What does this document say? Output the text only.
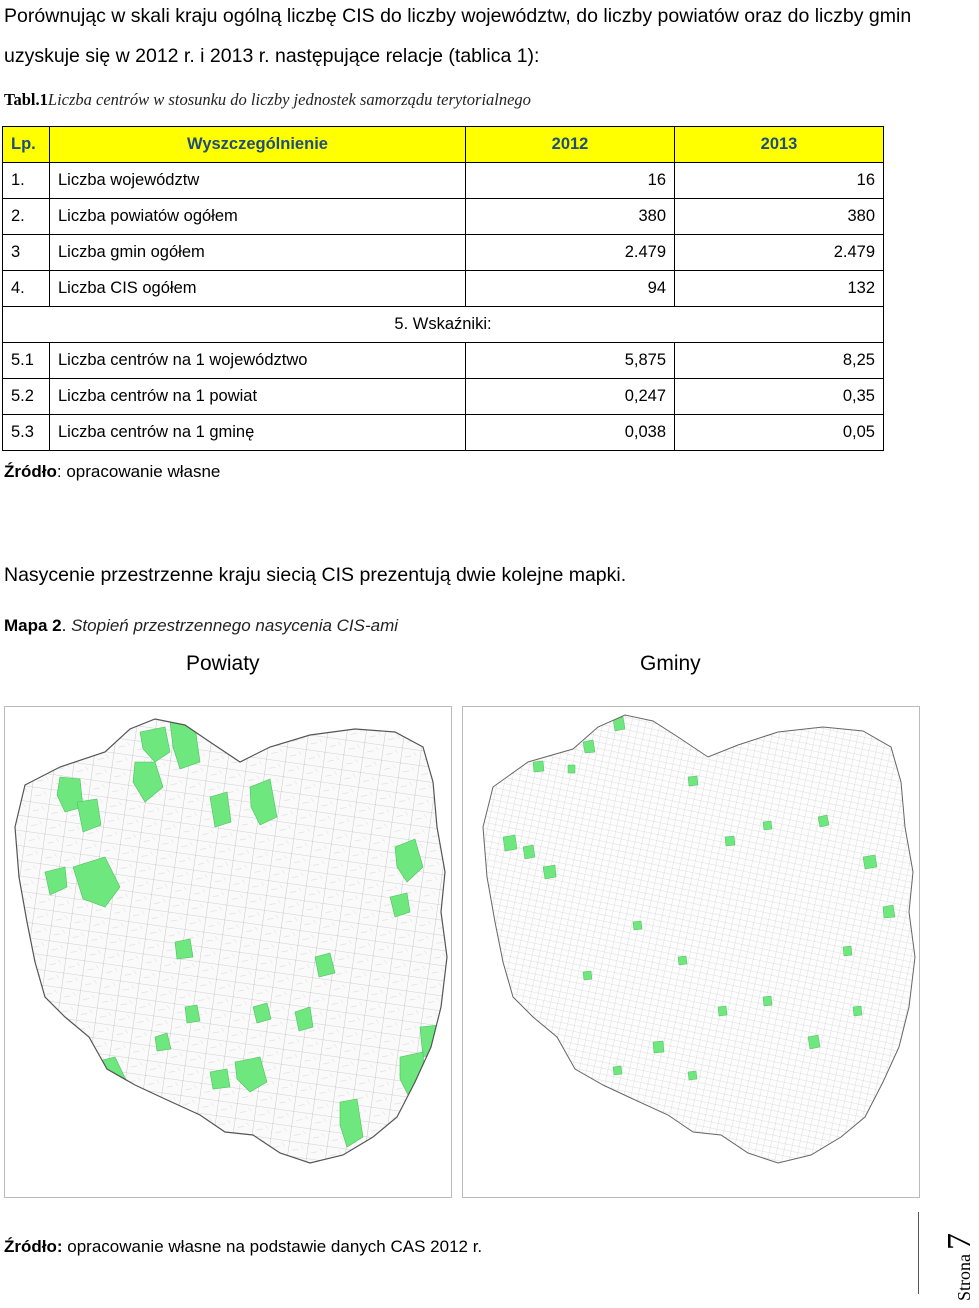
Porównując w skali kraju ogólną liczbę CIS do liczby województw, do liczby powiatów oraz do liczby gmin uzyskuje się w 2012 r. i 2013 r. następujące relacje (tablica 1):
Tabl.1Liczba centrów w stosunku do liczby jednostek samorządu terytorialnego
Lp.	Wyszczególnienie	2012	2013
1.	Liczba województw	16	16
2.	Liczba powiatów ogółem	380	380
3	Liczba gmin ogółem	2.479	2.479
4.	Liczba CIS ogółem	94	132
5. Wskaźniki:			
5.1	Liczba centrów na 1 województwo	5,875	8,25
5.2	Liczba centrów na 1 powiat	0,247	0,35
5.3	Liczba centrów na 1 gminę	0,038	0,05
Źródło: opracowanie własne
Nasycenie przestrzenne kraju siecią CIS prezentują dwie kolejne mapki.
Mapa 2. Stopień przestrzennego nasycenia CIS-ami
Powiaty	Gminy
Źródło: opracowanie własne na podstawie danych CAS 2012 r.
Strona 7
